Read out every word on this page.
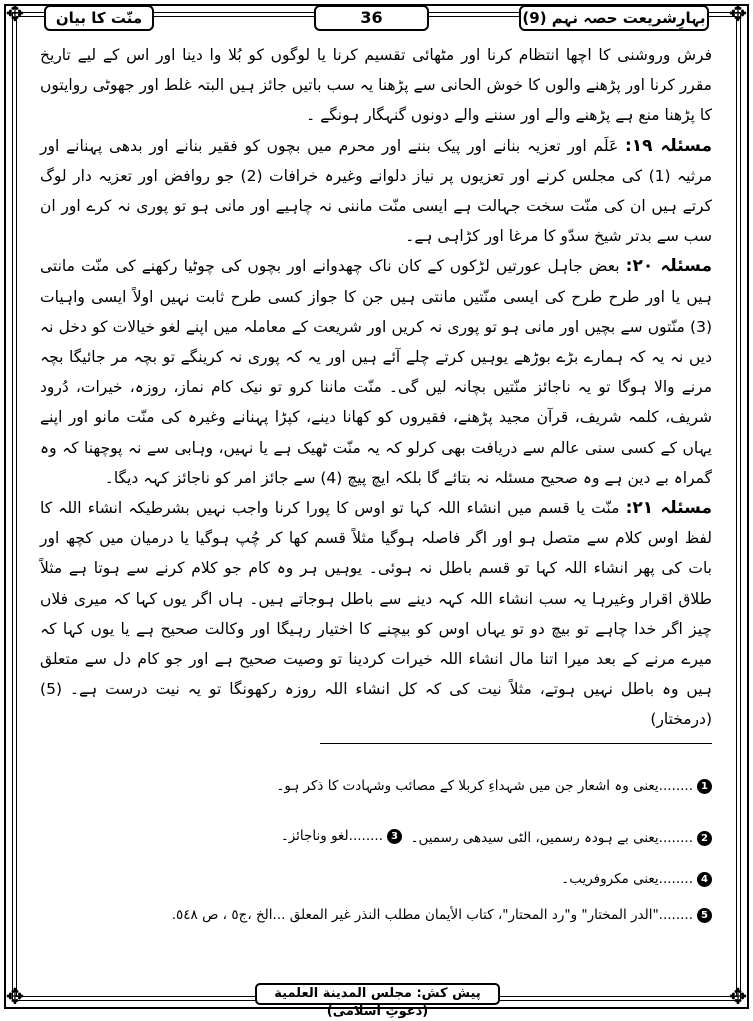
✥	✥
✥	✥
منّت کا بیان	36	بہارِشریعت حصہ نہم (9)

فرش وروشنی کا اچھا انتظام کرنا اور مٹھائی تقسیم کرنا یا لوگوں کو بُلا وا دینا اور اس کے لیے تاریخ مقرر کرنا اور پڑھنے والوں کا خوش الحانی سے پڑھنا یہ سب باتیں جائز ہیں البتہ غلط اور جھوٹی روایتوں کا پڑھنا منع ہے پڑھنے والے اور سننے والے دونوں گنہگار ہونگے ۔

مسئلہ ۱۹: عَلَم اور تعزیہ بنانے اور پیک بننے اور محرم میں بچوں کو فقیر بنانے اور بدھی پہنانے اور مرثیہ (1) کی مجلس کرنے اور تعزیوں پر نیاز دلوانے وغیرہ خرافات (2) جو روافض اور تعزیہ دار لوگ کرتے ہیں ان کی منّت سخت جہالت ہے ایسی منّت ماننی نہ چاہیے اور مانی ہو تو پوری نہ کرے اور ان سب سے بدتر شیخ سدّو کا مرغا اور کڑاہی ہے۔

مسئلہ ۲۰: بعض جاہل عورتیں لڑکوں کے کان ناک چھدوانے اور بچوں کی چوٹیا رکھنے کی منّت مانتی ہیں یا اور طرح طرح کی ایسی منّتیں مانتی ہیں جن کا جواز کسی طرح ثابت نہیں اولاً ایسی واہیات (3) منّتوں سے بچیں اور مانی ہو تو پوری نہ کریں اور شریعت کے معاملہ میں اپنے لغو خیالات کو دخل نہ دیں نہ یہ کہ ہمارے بڑے بوڑھے یوہیں کرتے چلے آئے ہیں اور یہ کہ پوری نہ کرینگے تو بچہ مر جائیگا بچہ مرنے والا ہوگا تو یہ ناجائز منّتیں بچانہ لیں گی۔ منّت ماننا کرو تو نیک کام نماز، روزہ، خیرات، دُرود شریف، کلمہ شریف، قرآن مجید پڑھنے، فقیروں کو کھانا دینے، کپڑا پہنانے وغیرہ کی منّت مانو اور اپنے یہاں کے کسی سنی عالم سے دریافت بھی کرلو کہ یہ منّت ٹھیک ہے یا نہیں، وہابی سے نہ پوچھنا کہ وہ گمراہ بے دین ہے وہ صحیح مسئلہ نہ بتائے گا بلکہ ایچ پیچ (4) سے جائز امر کو ناجائز کہہ دیگا۔

مسئلہ ۲۱: منّت یا قسم میں انشاء اللہ کہا تو اوس کا پورا کرنا واجب نہیں بشرطیکہ انشاء اللہ کا لفظ اوس کلام سے متصل ہو اور اگر فاصلہ ہوگیا مثلاً قسم کھا کر چُپ ہوگیا یا درمیان میں کچھ اور بات کی پھر انشاء اللہ کہا تو قسم باطل نہ ہوئی۔ یوہیں ہر وہ کام جو کلام کرنے سے ہوتا ہے مثلاً طلاق اقرار وغیرہا یہ سب انشاء اللہ کہہ دینے سے باطل ہوجاتے ہیں۔ ہاں اگر یوں کہا کہ میری فلاں چیز اگر خدا چاہے تو بیچ دو تو یہاں اوس کو بیچنے کا اختیار رہیگا اور وکالت صحیح ہے یا یوں کہا کہ میرے مرنے کے بعد میرا اتنا مال انشاء اللہ خیرات کردینا تو وصیت صحیح ہے اور جو کام دل سے متعلق ہیں وہ باطل نہیں ہوتے، مثلاً نیت کی کہ کل انشاء اللہ روزہ رکھونگا تو یہ نیت درست ہے۔ (5) (درمختار)

1........یعنی وہ اشعار جن میں شہداءِ کربلا کے مصائب وشہادت کا ذکر ہو۔
2........یعنی بے ہودہ رسمیں، الٹی سیدھی رسمیں۔
3........لغو وناجائز۔
4........یعنی مکروفریب۔
5........"الدر المختار" و"رد المحتار"، كتاب الأيمان مطلب النذر غير المعلق ...الخ ،ج٥ ، ص ٥٤٨.
پیش کش: مجلس المدينة العلمية (دعوتِ اسلامی)
